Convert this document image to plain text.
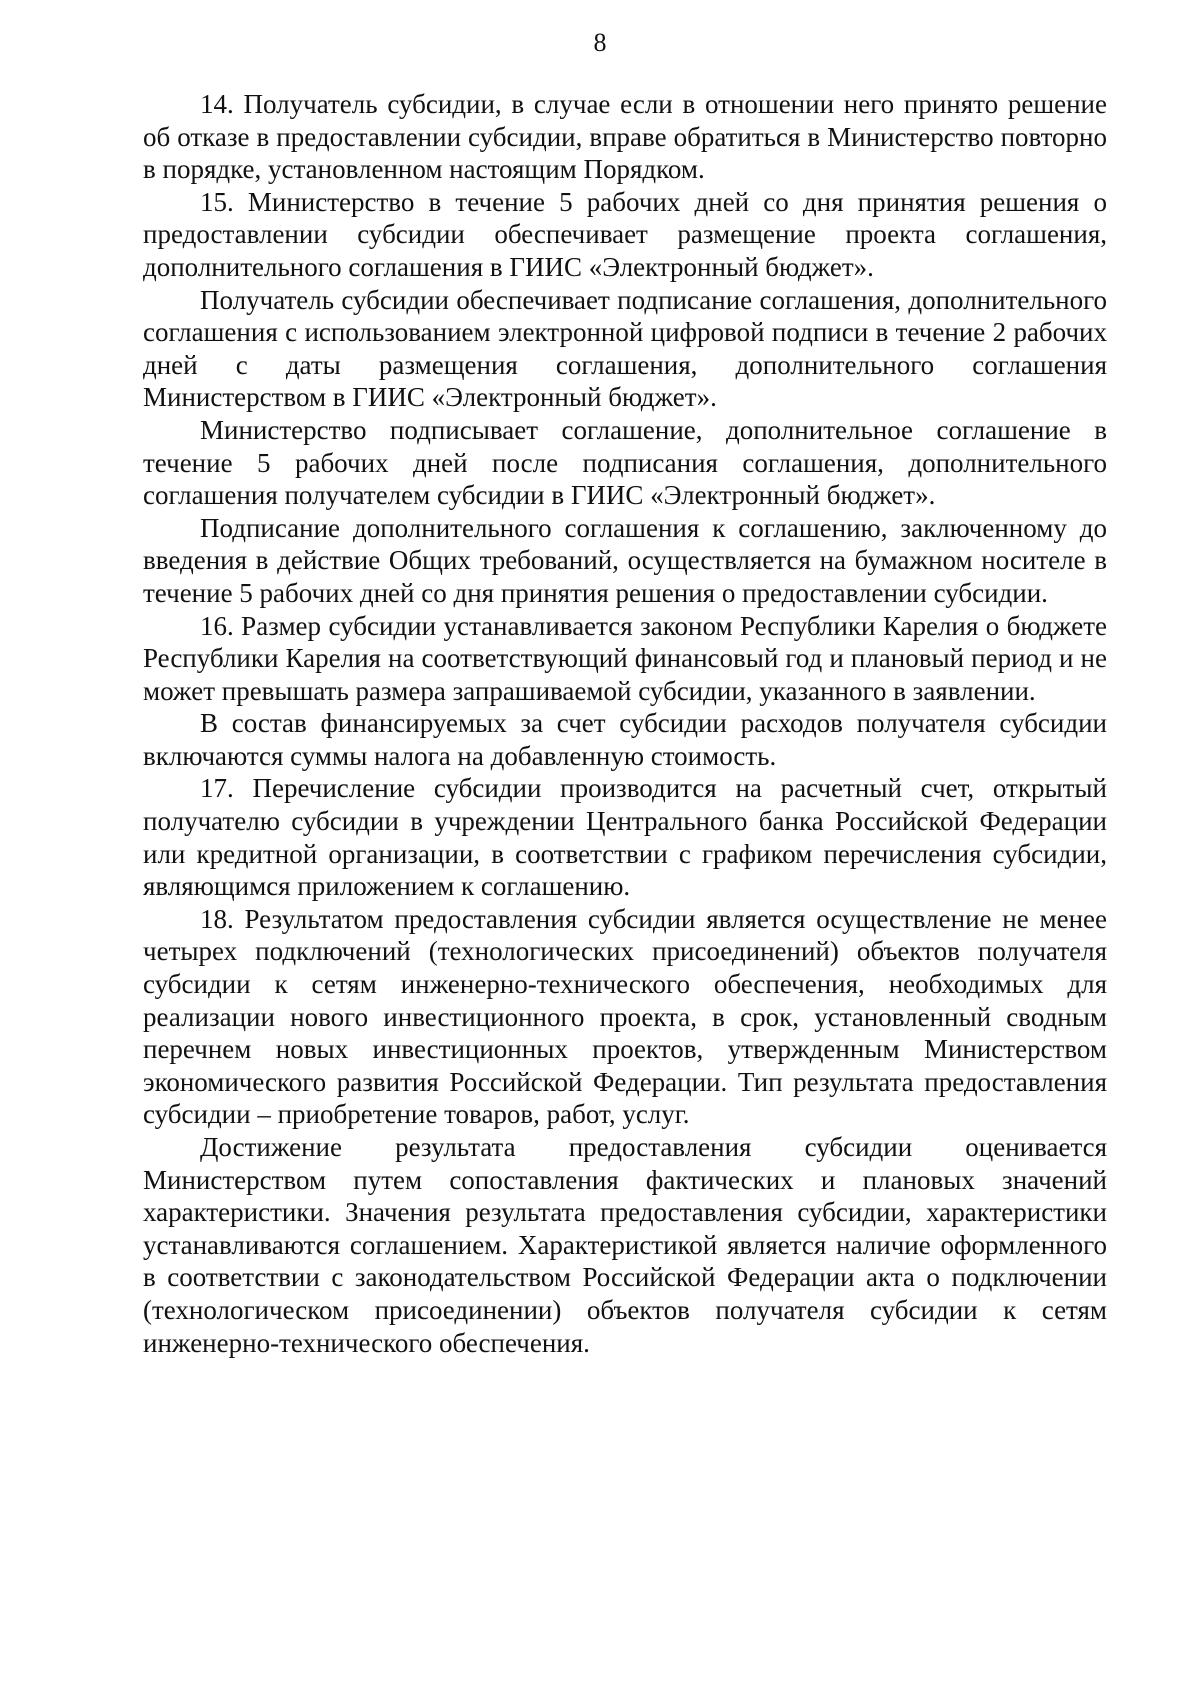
8

14. Получатель субсидии, в случае если в отношении него принято решение об отказе в предоставлении субсидии, вправе обратиться в Министерство повторно в порядке, установленном настоящим Порядком.

15. Министерство в течение 5 рабочих дней со дня принятия решения о предоставлении субсидии обеспечивает размещение проекта соглашения, дополнительного соглашения в ГИИС «Электронный бюджет».

Получатель субсидии обеспечивает подписание соглашения, дополнительного соглашения с использованием электронной цифровой подписи в течение 2 рабочих дней с даты размещения соглашения, дополнительного соглашения Министерством в ГИИС «Электронный бюджет».

Министерство подписывает соглашение, дополнительное соглашение в течение 5 рабочих дней после подписания соглашения, дополнительного соглашения получателем субсидии в ГИИС «Электронный бюджет».

Подписание дополнительного соглашения к соглашению, заключенному до введения в действие Общих требований, осуществляется на бумажном носителе в течение 5 рабочих дней со дня принятия решения о предоставлении субсидии.

16. Размер субсидии устанавливается законом Республики Карелия о бюджете Республики Карелия на соответствующий финансовый год и плановый период и не может превышать размера запрашиваемой субсидии, указанного в заявлении.

В состав финансируемых за счет субсидии расходов получателя субсидии включаются суммы налога на добавленную стоимость.

17. Перечисление субсидии производится на расчетный счет, открытый получателю субсидии в учреждении Центрального банка Российской Федерации или кредитной организации, в соответствии с графиком перечисления субсидии, являющимся приложением к соглашению.

18. Результатом предоставления субсидии является осуществление не менее четырех подключений (технологических присоединений) объектов получателя субсидии к сетям инженерно-технического обеспечения, необходимых для реализации нового инвестиционного проекта, в срок, установленный сводным перечнем новых инвестиционных проектов, утвержденным Министерством экономического развития Российской Федерации. Тип результата предоставления субсидии – приобретение товаров, работ, услуг.

Достижение результата предоставления субсидии оценивается Министерством путем сопоставления фактических и плановых значений характеристики. Значения результата предоставления субсидии, характеристики устанавливаются соглашением. Характеристикой является наличие оформленного в соответствии с законодательством Российской Федерации акта о подключении (технологическом присоединении) объектов получателя субсидии к сетям инженерно-технического обеспечения.
